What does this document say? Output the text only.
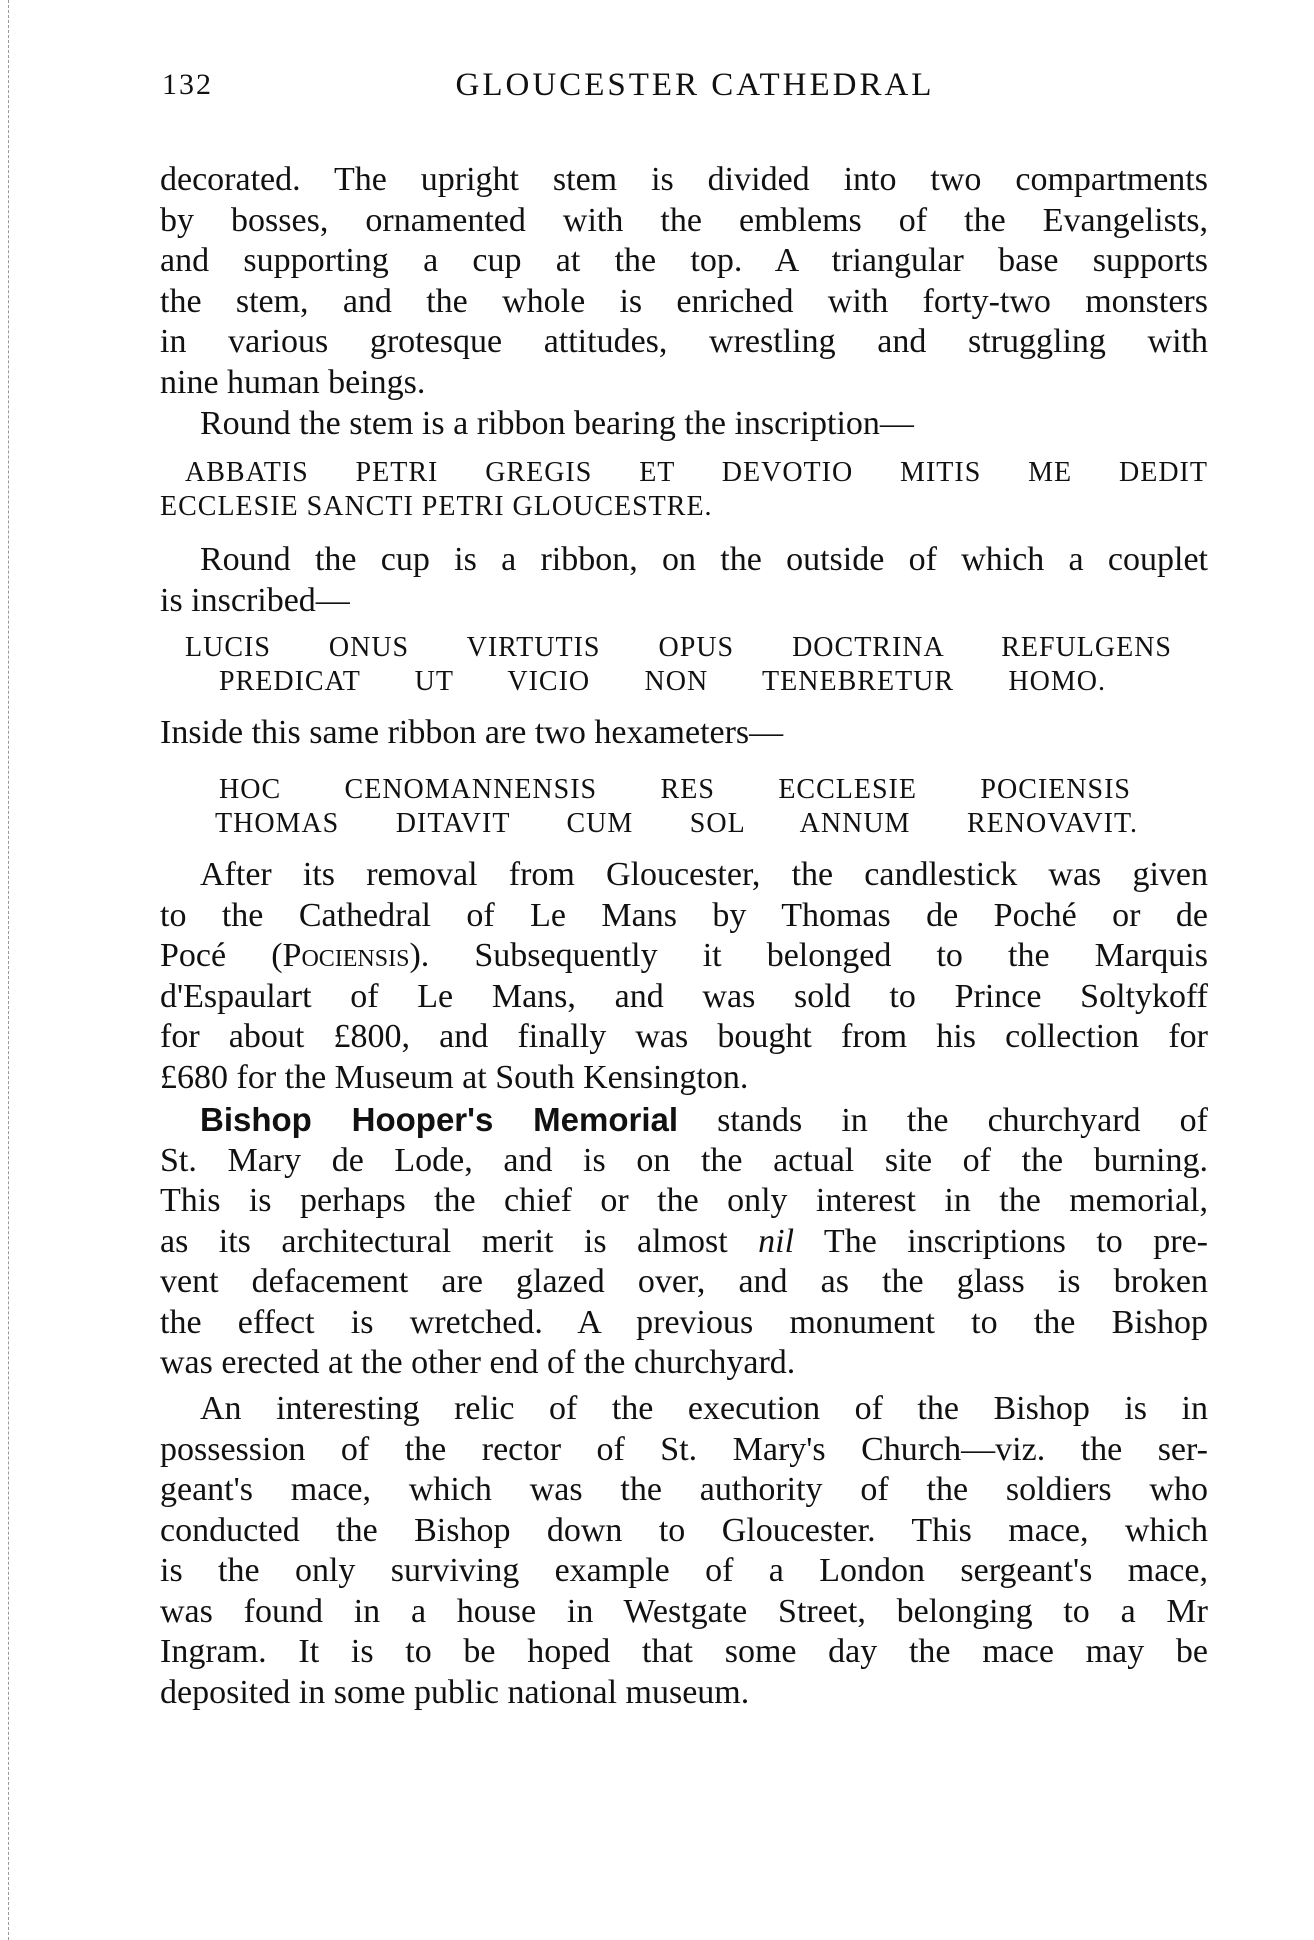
132	GLOUCESTER CATHEDRAL
decorated. The upright stem is divided into two compartments
by bosses, ornamented with the emblems of the Evangelists,
and supporting a cup at the top. A triangular base supports
the stem, and the whole is enriched with forty-two monsters
in various grotesque attitudes, wrestling and struggling with
nine human beings.
Round the stem is a ribbon bearing the inscription—
ABBATIS PETRI GREGIS ET DEVOTIO MITIS ME DEDIT
ECCLESIE SANCTI PETRI GLOUCESTRE.
Round the cup is a ribbon, on the outside of which a couplet
is inscribed—
LUCIS ONUS VIRTUTIS OPUS DOCTRINA REFULGENS
PREDICAT UT VICIO NON TENEBRETUR HOMO.
Inside this same ribbon are two hexameters—
HOC CENOMANNENSIS RES ECCLESIE POCIENSIS
THOMAS DITAVIT CUM SOL ANNUM RENOVAVIT.
After its removal from Gloucester, the candlestick was given
to the Cathedral of Le Mans by Thomas de Poché or de
Pocé (Pociensis). Subsequently it belonged to the Marquis
d'Espaulart of Le Mans, and was sold to Prince Soltykoff
for about £800, and finally was bought from his collection for
£680 for the Museum at South Kensington.
Bishop Hooper's Memorial stands in the churchyard of
St. Mary de Lode, and is on the actual site of the burning.
This is perhaps the chief or the only interest in the memorial,
as its architectural merit is almost nil The inscriptions to pre-
vent defacement are glazed over, and as the glass is broken
the effect is wretched. A previous monument to the Bishop
was erected at the other end of the churchyard.
An interesting relic of the execution of the Bishop is in
possession of the rector of St. Mary's Church—viz. the ser-
geant's mace, which was the authority of the soldiers who
conducted the Bishop down to Gloucester. This mace, which
is the only surviving example of a London sergeant's mace,
was found in a house in Westgate Street, belonging to a Mr
Ingram. It is to be hoped that some day the mace may be
deposited in some public national museum.
